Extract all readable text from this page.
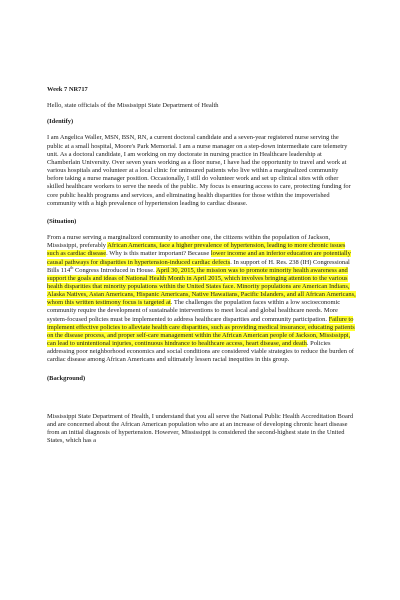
Week 7 NR717

Hello, state officials of the Mississippi State Department of Health

(Identify)

I am Angelica Waller, MSN, BSN, RN, a current doctoral candidate and a seven-year registered nurse serving the public at a small hospital, Moore's Park Memorial. I am a nurse manager on a step-down intermediate care telemetry unit. As a doctoral candidate, I am working on my doctorate in nursing practice in Healthcare leadership at Chamberlain University. Over seven years working as a floor nurse, I have had the opportunity to travel and work at various hospitals and volunteer at a local clinic for uninsured patients who live within a marginalized community before taking a nurse manager position. Occasionally, I still do volunteer work and set up clinical sites with other skilled healthcare workers to serve the needs of the public. My focus is ensuring access to care, protecting funding for core public health programs and services, and eliminating health disparities for those within the impoverished community with a high prevalence of hypertension leading to cardiac disease.

(Situation)

From a nurse serving a marginalized community to another one, the citizens within the population of Jackson, Mississippi, preferably African Americans, face a higher prevalence of hypertension, leading to more chronic issues such as cardiac disease. Why is this matter important? Because lower income and an inferior education are potentially causal pathways for disparities in hypertension-induced cardiac defects. In support of H. Res. 238 (IH) Congressional Bills 114th Congress Introduced in House. April 30, 2015, the mission was to promote minority health awareness and support the goals and ideas of National Health Month in April 2015, which involves bringing attention to the various health disparities that minority populations within the United States face. Minority populations are American Indians, Alaska Natives, Asian Americans, Hispanic Americans, Native Hawaiians, Pacific Islanders, and all African Americans, whom this written testimony focus is targeted at. The challenges the population faces within a low socioeconomic community require the development of sustainable interventions to meet local and global healthcare needs. More system-focused policies must be implemented to address healthcare disparities and community participation. Failure to implement effective policies to alleviate health care disparities, such as providing medical insurance, educating patients on the disease process, and proper self-care management within the African American people of Jackson, Mississippi, can lead to unintentional injuries, continuous hindrance to healthcare access, heart disease, and death. Policies addressing poor neighborhood economics and social conditions are considered viable strategies to reduce the burden of cardiac disease among African Americans and ultimately lessen racial inequities in this group.

(Background)

Mississippi State Department of Health, I understand that you all serve the National Public Health Accreditation Board and are concerned about the African American population who are at an increase of developing chronic heart disease from an initial diagnosis of hypertension. However, Mississippi is considered the second-highest state in the United States, which has a
